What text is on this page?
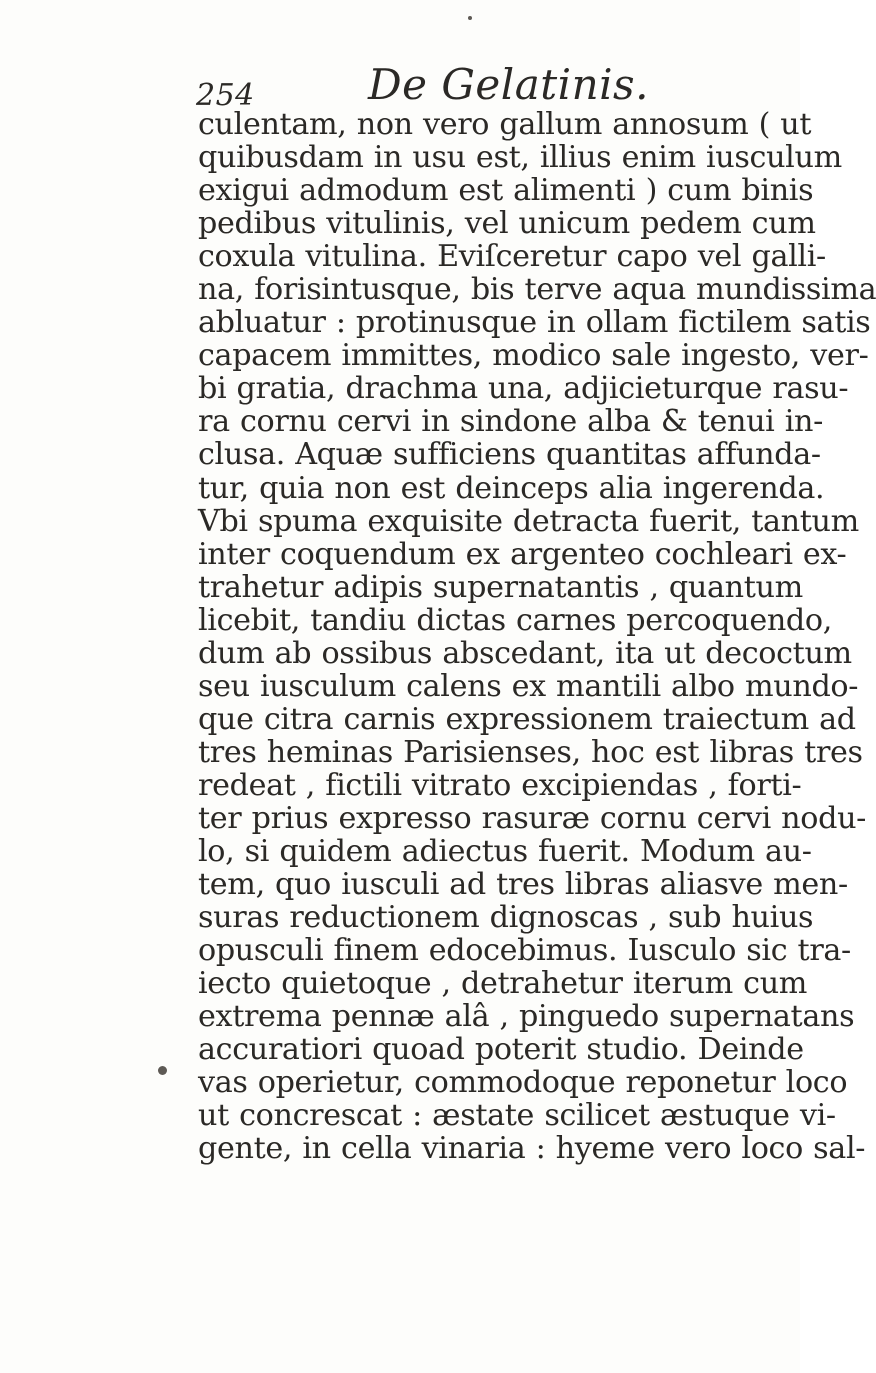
254	De Gelatinis.
culentam, non vero gallum annosum ( ut
quibusdam in usu est, illius enim iusculum
exigui admodum est alimenti ) cum binis
pedibus vitulinis, vel unicum pedem cum
coxula vitulina. Eviſceretur capo vel galli-
na, forisintusque, bis terve aqua mundissima
abluatur : protinusque in ollam fictilem satis
capacem immittes, modico sale ingesto, ver-
bi gratia, drachma una, adjicieturque rasu-
ra cornu cervi in sindone alba & tenui in-
clusa. Aquæ sufficiens quantitas affunda-
tur, quia non est deinceps alia ingerenda.
Vbi spuma exquisite detracta fuerit, tantum
inter coquendum ex argenteo cochleari ex-
trahetur adipis supernatantis , quantum
licebit, tandiu dictas carnes percoquendo,
dum ab ossibus abscedant, ita ut decoctum
seu iusculum calens ex mantili albo mundo-
que citra carnis expressionem traiectum ad
tres heminas Parisienses, hoc est libras tres
redeat , fictili vitrato excipiendas , forti-
ter prius expresso rasuræ cornu cervi nodu-
lo, si quidem adiectus fuerit. Modum au-
tem, quo iusculi ad tres libras aliasve men-
suras reductionem dignoscas , sub huius
opusculi finem edocebimus. Iusculo sic tra-
iecto quietoque , detrahetur iterum cum
extrema pennæ alâ , pinguedo supernatans
accuratiori quoad poterit studio. Deinde
vas operietur, commodoque reponetur loco
ut concrescat : æstate scilicet æstuque vi-
gente, in cella vinaria : hyeme vero loco sal-
